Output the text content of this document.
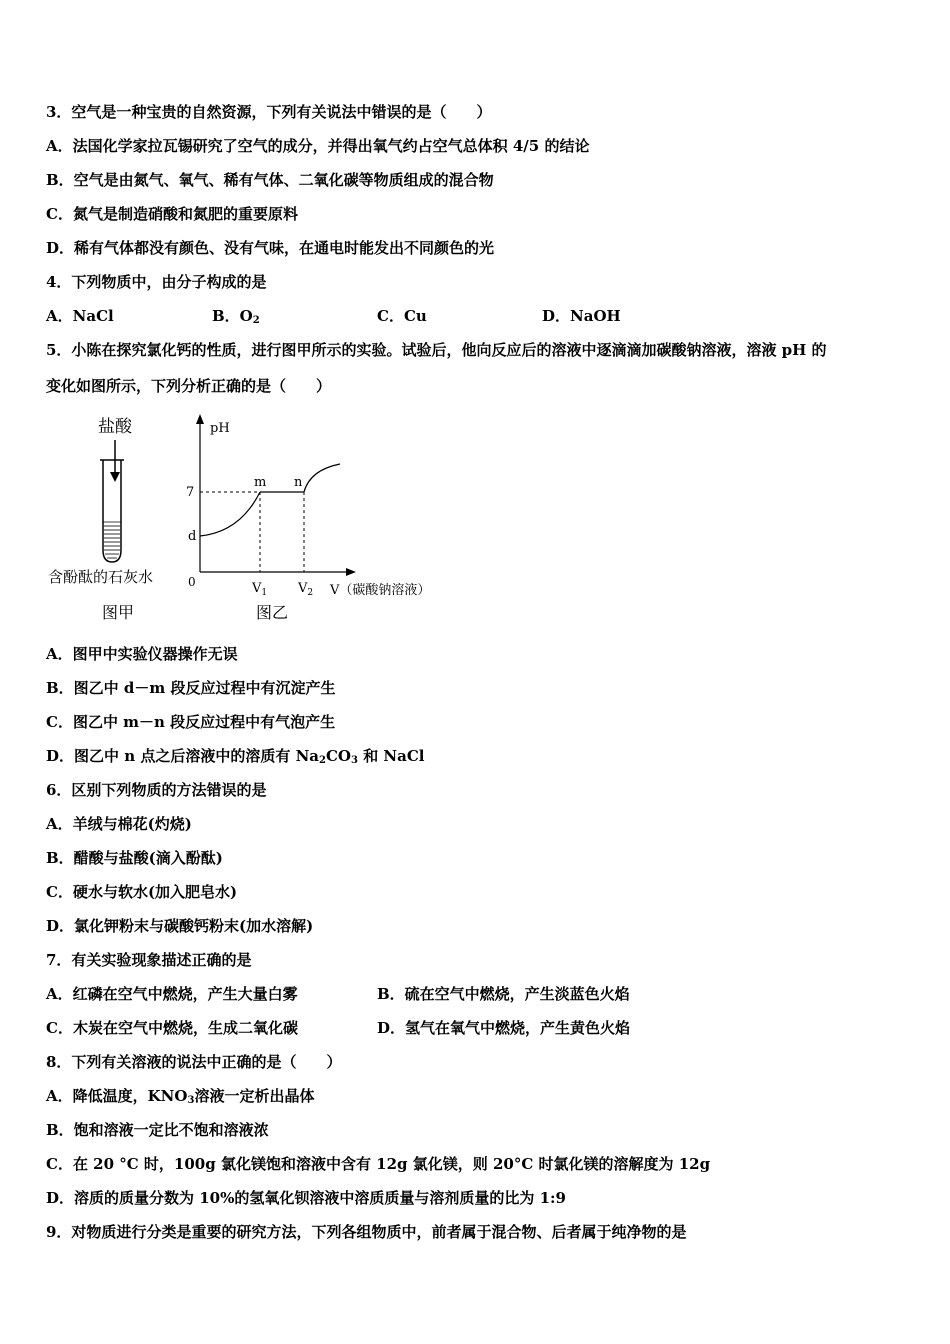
3．空气是一种宝贵的自然资源，下列有关说法中错误的是（　　）
A．法国化学家拉瓦锡研究了空气的成分，并得出氧气约占空气总体积 4/5 的结论
B．空气是由氮气、氧气、稀有气体、二氧化碳等物质组成的混合物
C．氮气是制造硝酸和氮肥的重要原料
D．稀有气体都没有颜色、没有气味，在通电时能发出不同颜色的光
4．下列物质中，由分子构成的是
A．NaCl	B．$O_2$	C．Cu	D．NaOH
5．小陈在探究氯化钙的性质，进行图甲所示的实验。试验后，他向反应后的溶液中逐滴滴加碳酸钠溶液，溶液 pH 的
变化如图所示，下列分析正确的是（　　）
盐酸
含酚酞的石灰水
图甲
pH
7
d
m n
0	$V_1$ $V_2$ V（碳酸钠溶液）
图乙
A．图甲中实验仪器操作无误
B．图乙中 d－m 段反应过程中有沉淀产生
C．图乙中 m－n 段反应过程中有气泡产生
D．图乙中 n 点之后溶液中的溶质有 $Na_2CO_3$ 和 NaCl
6．区别下列物质的方法错误的是
A．羊绒与棉花(灼烧)
B．醋酸与盐酸(滴入酚酞)
C．硬水与软水(加入肥皂水)
D．氯化钾粉末与碳酸钙粉末(加水溶解)
7．有关实验现象描述正确的是
A．红磷在空气中燃烧，产生大量白雾	B．硫在空气中燃烧，产生淡蓝色火焰
C．木炭在空气中燃烧，生成二氧化碳	D．氢气在氧气中燃烧，产生黄色火焰
8．下列有关溶液的说法中正确的是（　　）
A．降低温度，$KNO_3$溶液一定析出晶体
B．饱和溶液一定比不饱和溶液浓
C．在 20 °C 时，100g 氯化镁饱和溶液中含有 12g 氯化镁，则 20°C 时氯化镁的溶解度为 12g
D．溶质的质量分数为 10%的氢氧化钡溶液中溶质质量与溶剂质量的比为 1:9
9．对物质进行分类是重要的研究方法，下列各组物质中，前者属于混合物、后者属于纯净物的是
